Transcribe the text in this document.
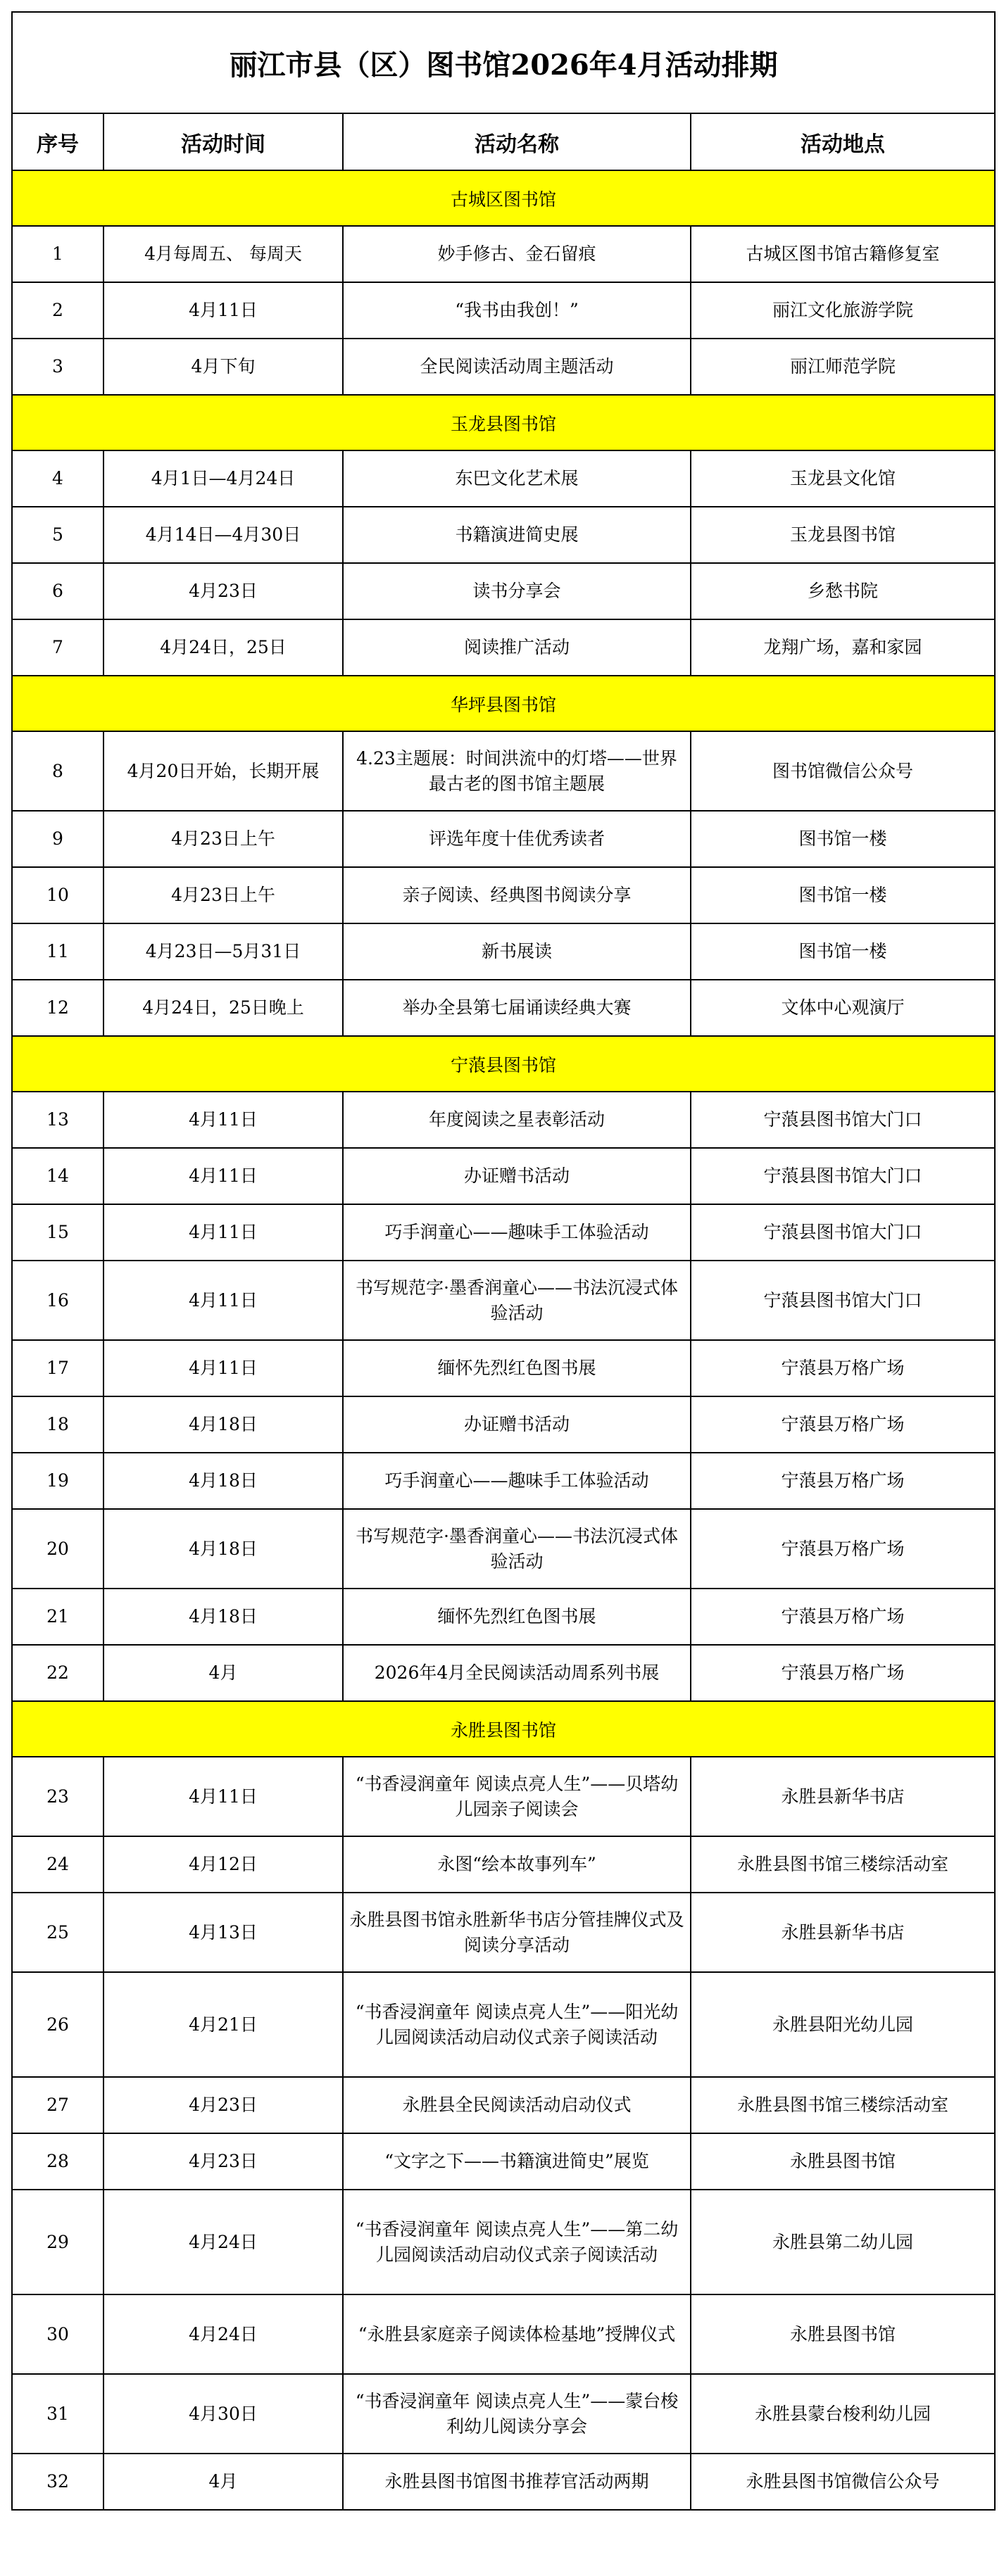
丽江市县（区）图书馆2026年4月活动排期			
序号	活动时间	活动名称	活动地点
古城区图书馆			
1	4月每周五、 每周天	妙手修古、金石留痕	古城区图书馆古籍修复室
2	4月11日	“我书由我创！”	丽江文化旅游学院
3	4月下旬	全民阅读活动周主题活动	丽江师范学院
玉龙县图书馆			
4	4月1日—4月24日	东巴文化艺术展	玉龙县文化馆
5	4月14日—4月30日	书籍演进简史展	玉龙县图书馆
6	4月23日	读书分享会	乡愁书院
7	4月24日，25日	阅读推广活动	龙翔广场，嘉和家园
华坪县图书馆			
8	4月20日开始，长期开展	4.23主题展：时间洪流中的灯塔——世界最古老的图书馆主题展	图书馆微信公众号
9	4月23日上午	评选年度十佳优秀读者	图书馆一楼
10	4月23日上午	亲子阅读、经典图书阅读分享	图书馆一楼
11	4月23日—5月31日	新书展读	图书馆一楼
12	4月24日，25日晚上	举办全县第七届诵读经典大赛	文体中心观演厅
宁蒗县图书馆			
13	4月11日	年度阅读之星表彰活动	宁蒗县图书馆大门口
14	4月11日	办证赠书活动	宁蒗县图书馆大门口
15	4月11日	巧手润童心——趣味手工体验活动	宁蒗县图书馆大门口
16	4月11日	书写规范字·墨香润童心——书法沉浸式体验活动	宁蒗县图书馆大门口
17	4月11日	缅怀先烈红色图书展	宁蒗县万格广场
18	4月18日	办证赠书活动	宁蒗县万格广场
19	4月18日	巧手润童心——趣味手工体验活动	宁蒗县万格广场
20	4月18日	书写规范字·墨香润童心——书法沉浸式体验活动	宁蒗县万格广场
21	4月18日	缅怀先烈红色图书展	宁蒗县万格广场
22	4月	2026年4月全民阅读活动周系列书展	宁蒗县万格广场
永胜县图书馆			
23	4月11日	“书香浸润童年 阅读点亮人生”——贝塔幼儿园亲子阅读会	永胜县新华书店
24	4月12日	永图“绘本故事列车”	永胜县图书馆三楼综活动室
25	4月13日	永胜县图书馆永胜新华书店分管挂牌仪式及阅读分享活动	永胜县新华书店
26	4月21日	“书香浸润童年 阅读点亮人生”——阳光幼儿园阅读活动启动仪式亲子阅读活动	永胜县阳光幼儿园
27	4月23日	永胜县全民阅读活动启动仪式	永胜县图书馆三楼综活动室
28	4月23日	“文字之下——书籍演进简史”展览	永胜县图书馆
29	4月24日	“书香浸润童年 阅读点亮人生”——第二幼儿园阅读活动启动仪式亲子阅读活动	永胜县第二幼儿园
30	4月24日	“永胜县家庭亲子阅读体检基地”授牌仪式	永胜县图书馆
31	4月30日	“书香浸润童年 阅读点亮人生”——蒙台梭利幼儿阅读分享会	永胜县蒙台梭利幼儿园
32	4月	永胜县图书馆图书推荐官活动两期	永胜县图书馆微信公众号
